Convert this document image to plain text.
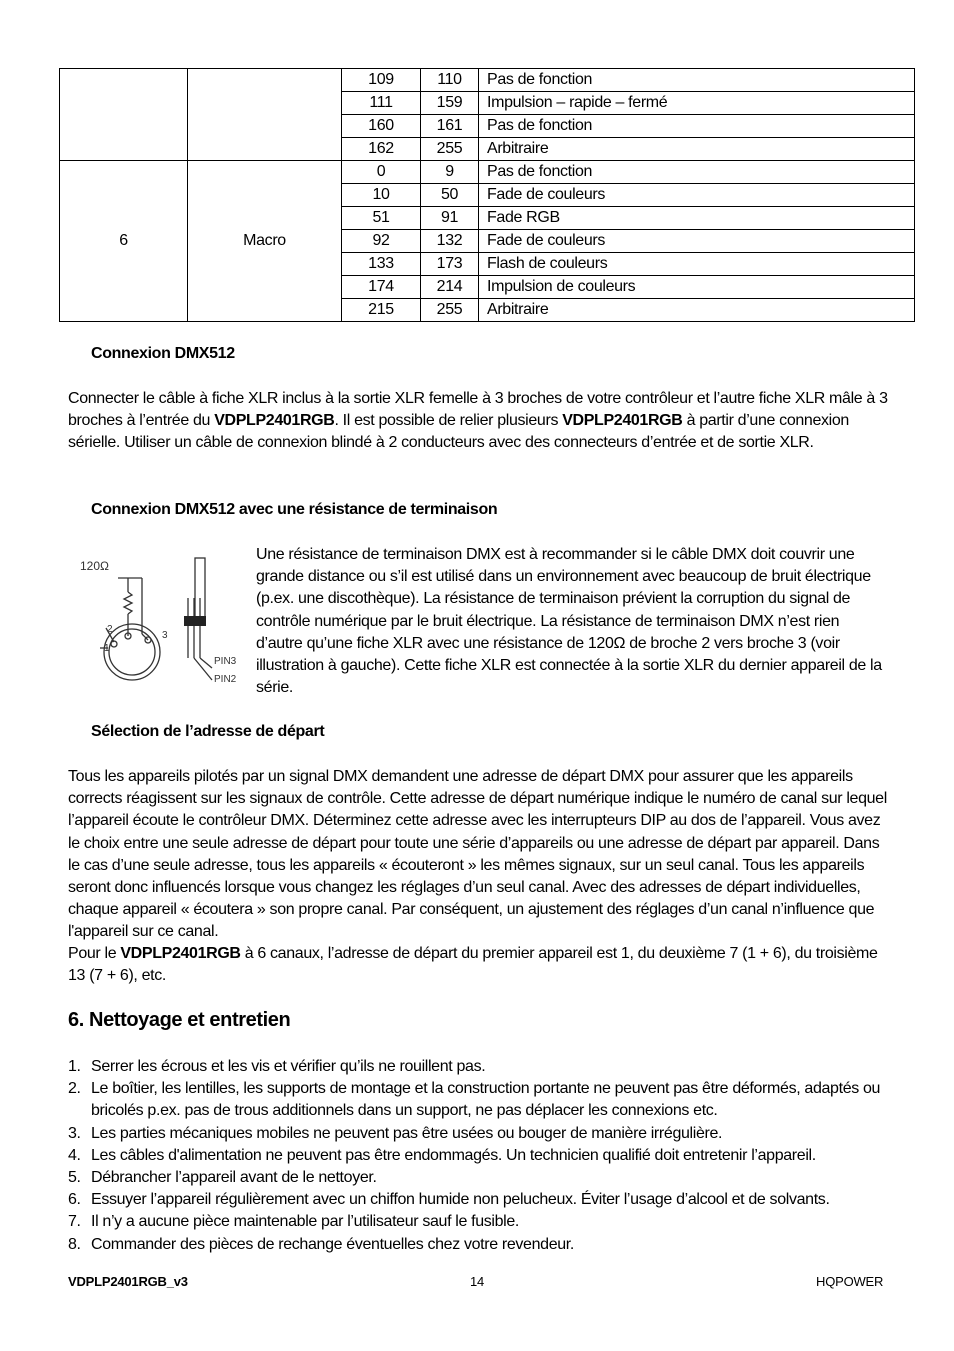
		109	110	Pas de fonction
		111	159	Impulsion – rapide – fermé
		160	161	Pas de fonction
		162	255	Arbitraire
6	Macro	0	9	Pas de fonction
		10	50	Fade de couleurs
		51	91	Fade RGB
		92	132	Fade de couleurs
		133	173	Flash de couleurs
		174	214	Impulsion de couleurs
		215	255	Arbitraire
Connexion DMX512

Connecter le câble à fiche XLR inclus à la sortie XLR femelle à 3 broches de votre contrôleur et l’autre fiche XLR mâle à 3 broches à l’entrée du VDPLP2401RGB. Il est possible de relier plusieurs VDPLP2401RGB à partir d’une connexion sérielle. Utiliser un câble de connexion blindé à 2 conducteurs avec des connecteurs d’entrée et de sortie XLR.

Connexion DMX512 avec une résistance de terminaison
120Ω
1
2
3
PIN3
PIN2

Une résistance de terminaison DMX est à recommander si le câble DMX doit couvrir une grande distance ou s’il est utilisé dans un environnement avec beaucoup de bruit électrique (p.ex. une discothèque). La résistance de terminaison prévient la corruption du signal de contrôle numérique par le bruit électrique. La résistance de terminaison DMX n’est rien d’autre qu’une fiche XLR avec une résistance de 120Ω de broche 2 vers broche 3 (voir illustration à gauche). Cette fiche XLR est connectée à la sortie XLR du dernier appareil de la série.

Sélection de l’adresse de départ

Tous les appareils pilotés par un signal DMX demandent une adresse de départ DMX pour assurer que les appareils corrects réagissent sur les signaux de contrôle. Cette adresse de départ numérique indique le numéro de canal sur lequel l’appareil écoute le contrôleur DMX. Déterminez cette adresse avec les interrupteurs DIP au dos de l’appareil. Vous avez le choix entre une seule adresse de départ pour toute une série d’appareils ou une adresse de départ par appareil. Dans le cas d’une seule adresse, tous les appareils « écouteront » les mêmes signaux, sur un seul canal. Tous les appareils seront donc influencés lorsque vous changez les réglages d’un seul canal. Avec des adresses de départ individuelles, chaque appareil « écoutera » son propre canal. Par conséquent, un ajustement des réglages d’un canal n’influence que l'appareil sur ce canal.

Pour le VDPLP2401RGB à 6 canaux, l’adresse de départ du premier appareil est 1, du deuxième 7 (1 + 6), du troisième 13 (7 + 6), etc.

6. Nettoyage et entretien
1. Serrer les écrous et les vis et vérifier qu’ils ne rouillent pas.
2. Le boîtier, les lentilles, les supports de montage et la construction portante ne peuvent pas être déformés, adaptés ou bricolés p.ex. pas de trous additionnels dans un support, ne pas déplacer les connexions etc.
3. Les parties mécaniques mobiles ne peuvent pas être usées ou bouger de manière irrégulière.
4. Les câbles d'alimentation ne peuvent pas être endommagés. Un technicien qualifié doit entretenir l’appareil.
5. Débrancher l’appareil avant de le nettoyer.
6. Essuyer l’appareil régulièrement avec un chiffon humide non pelucheux. Éviter l’usage d’alcool et de solvants.
7. Il n’y a aucune pièce maintenable par l’utilisateur sauf le fusible.
8. Commander des pièces de rechange éventuelles chez votre revendeur.
VDPLP2401RGB_v3	14	HQPOWER
